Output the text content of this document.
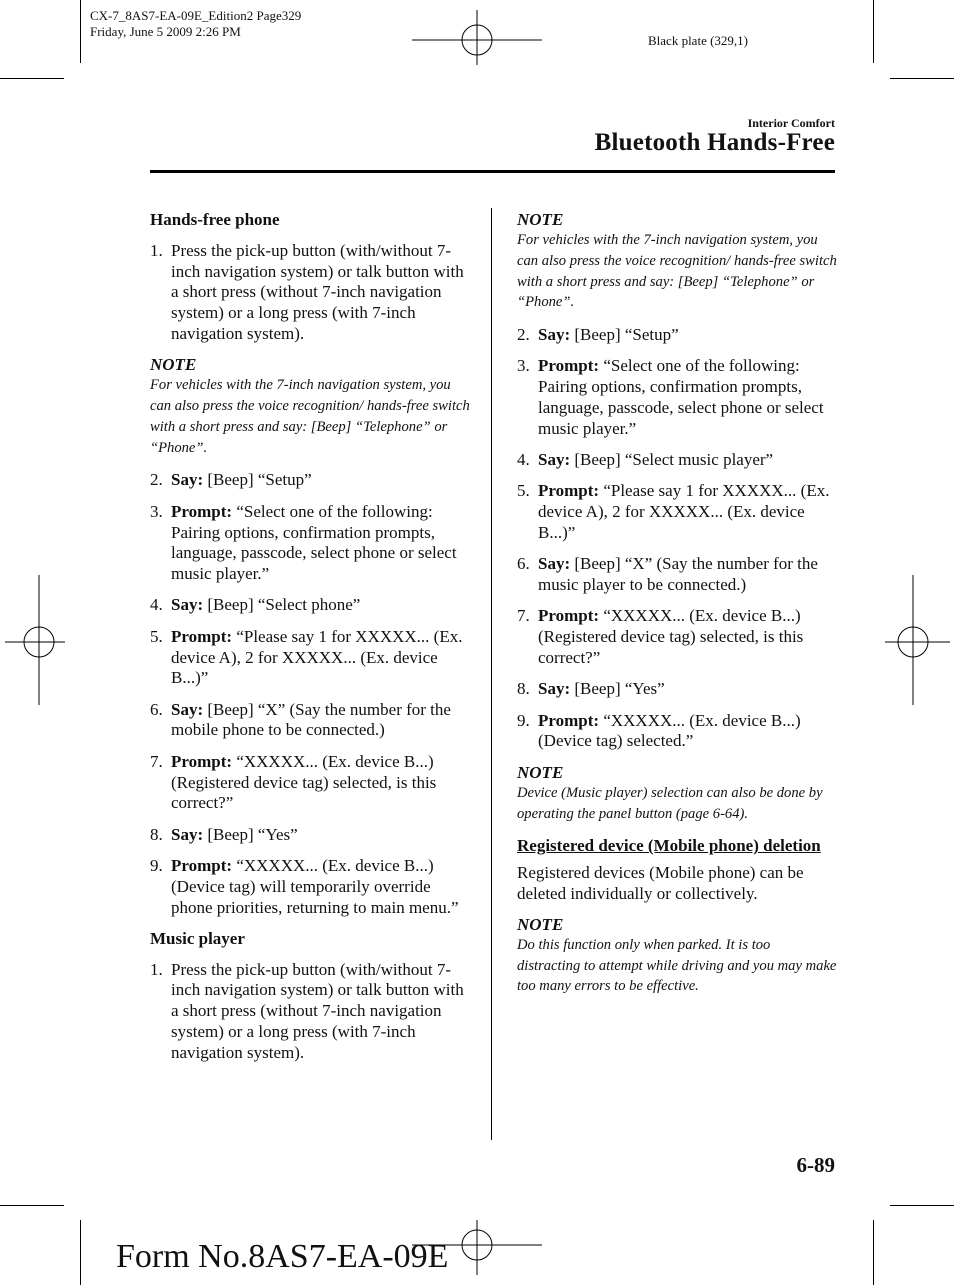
CX-7_8AS7-EA-09E_Edition2 Page329
Friday, June 5 2009 2:26 PM
Black plate (329,1)
Interior Comfort
Bluetooth Hands-Free
Hands-free phone
1. Press the pick-up button (with/without 7-inch navigation system) or talk button with a short press (without 7-inch navigation system) or a long press (with 7-inch navigation system).
NOTE
For vehicles with the 7-inch navigation system, you can also press the voice recognition/ hands-free switch with a short press and say: [Beep] “Telephone” or “Phone”.
2. Say: [Beep] “Setup”
3. Prompt: “Select one of the following: Pairing options, confirmation prompts, language, passcode, select phone or select music player.”
4. Say: [Beep] “Select phone”
5. Prompt: “Please say 1 for XXXXX... (Ex. device A), 2 for XXXXX... (Ex. device B...)”
6. Say: [Beep] “X” (Say the number for the mobile phone to be connected.)
7. Prompt: “XXXXX... (Ex. device B...) (Registered device tag) selected, is this correct?”
8. Say: [Beep] “Yes”
9. Prompt: “XXXXX... (Ex. device B...) (Device tag) will temporarily override phone priorities, returning to main menu.”
Music player
1. Press the pick-up button (with/without 7-inch navigation system) or talk button with a short press (without 7-inch navigation system) or a long press (with 7-inch navigation system).
NOTE
For vehicles with the 7-inch navigation system, you can also press the voice recognition/ hands-free switch with a short press and say: [Beep] “Telephone” or “Phone”.
2. Say: [Beep] “Setup”
3. Prompt: “Select one of the following: Pairing options, confirmation prompts, language, passcode, select phone or select music player.”
4. Say: [Beep] “Select music player”
5. Prompt: “Please say 1 for XXXXX... (Ex. device A), 2 for XXXXX... (Ex. device B...)”
6. Say: [Beep] “X” (Say the number for the music player to be connected.)
7. Prompt: “XXXXX... (Ex. device B...) (Registered device tag) selected, is this correct?”
8. Say: [Beep] “Yes”
9. Prompt: “XXXXX... (Ex. device B...) (Device tag) selected.”
NOTE
Device (Music player) selection can also be done by operating the panel button (page 6-64).
Registered device (Mobile phone) deletion
Registered devices (Mobile phone) can be deleted individually or collectively.
NOTE
Do this function only when parked. It is too distracting to attempt while driving and you may make too many errors to be effective.
6-89
Form No.8AS7-EA-09E
